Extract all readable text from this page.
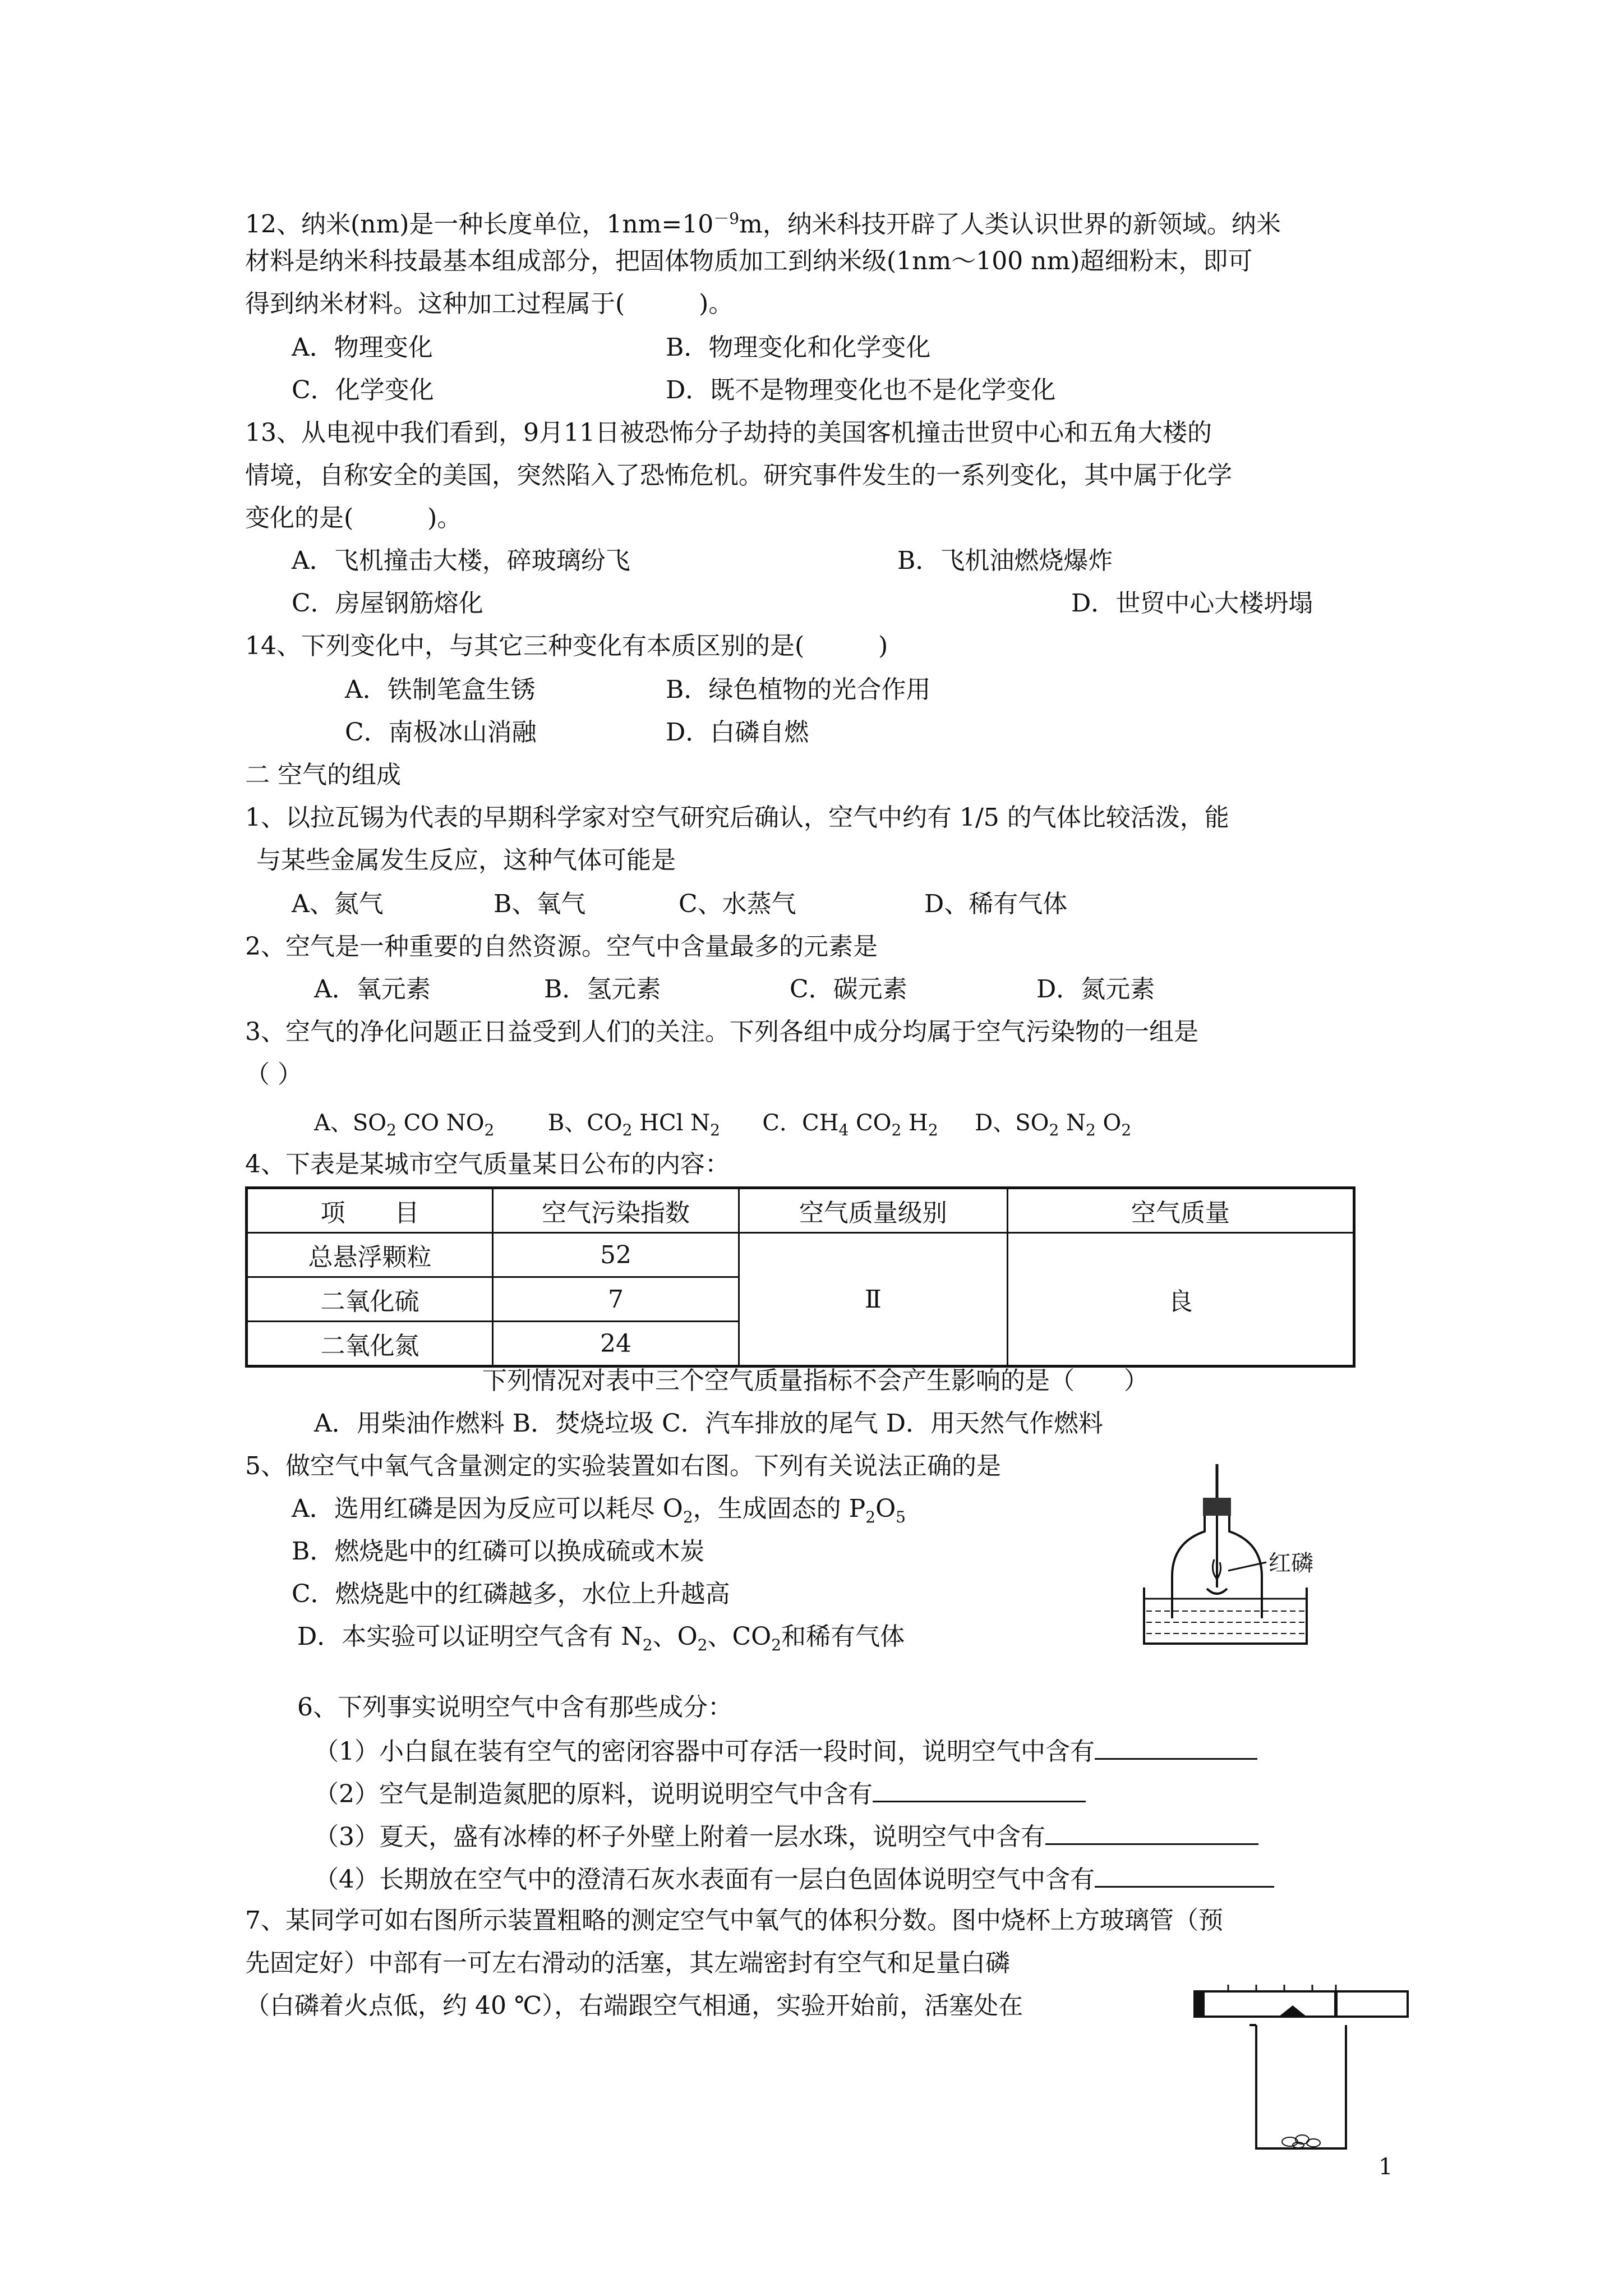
12、纳米(nm)是一种长度单位，$1nm=10^{-9}m$，纳米科技开辟了人类认识世界的新领域。纳米
材料是纳米科技最基本组成部分，把固体物质加工到纳米级(1nm～100 nm)超细粉末，即可
得到纳米材料。这种加工过程属于(　　　)。
A．物理变化	B．物理变化和化学变化
C．化学变化	D．既不是物理变化也不是化学变化
13、从电视中我们看到，9月11日被恐怖分子劫持的美国客机撞击世贸中心和五角大楼的
情境，自称安全的美国，突然陷入了恐怖危机。研究事件发生的一系列变化，其中属于化学
变化的是(　　　)。
A．飞机撞击大楼，碎玻璃纷飞	B．飞机油燃烧爆炸
C．房屋钢筋熔化	D．世贸中心大楼坍塌
14、下列变化中，与其它三种变化有本质区别的是(　　　)
A．铁制笔盒生锈	B．绿色植物的光合作用
C．南极冰山消融	D．白磷自燃
二 空气的组成
1、以拉瓦锡为代表的早期科学家对空气研究后确认，空气中约有 1/5 的气体比较活泼，能
与某些金属发生反应，这种气体可能是
A、氮气	B、氧气	C、水蒸气	D、稀有气体
2、空气是一种重要的自然资源。空气中含量最多的元素是
A．氧元素	B．氢元素	C．碳元素	D．氮元素
3、空气的净化问题正日益受到人们的关注。下列各组中成分均属于空气污染物的一组是
（ ）
A、$SO_2$ CO $NO_2$ B、$CO_2$ HCl $N_2$ C．$CH_4$ $CO_2$ $H_2$ D、$SO_2$ $N_2$ $O_2$
4、下表是某城市空气质量某日公布的内容：
项　　目	空气污染指数	空气质量级别	空气质量
总悬浮颗粒	52	Ⅱ	良
二氧化硫	7		
二氧化氮	24		
下列情况对表中三个空气质量指标不会产生影响的是（　　）
A．用柴油作燃料 B．焚烧垃圾 C．汽车排放的尾气 D．用天然气作燃料
5、做空气中氧气含量测定的实验装置如右图。下列有关说法正确的是
A．选用红磷是因为反应可以耗尽 $O_2$，生成固态的 $P_2O_5$
B．燃烧匙中的红磷可以换成硫或木炭
C．燃烧匙中的红磷越多，水位上升越高
D．本实验可以证明空气含有 $N_2$、$O_2$、$CO_2$和稀有气体
红磷
6、下列事实说明空气中含有那些成分：
（1）小白鼠在装有空气的密闭容器中可存活一段时间，说明空气中含有
（2）空气是制造氮肥的原料，说明说明空气中含有
（3）夏天，盛有冰棒的杯子外壁上附着一层水珠，说明空气中含有
（4）长期放在空气中的澄清石灰水表面有一层白色固体说明空气中含有
7、某同学可如右图所示装置粗略的测定空气中氧气的体积分数。图中烧杯上方玻璃管（预
先固定好）中部有一可左右滑动的活塞，其左端密封有空气和足量白磷
（白磷着火点低，约 40 ℃），右端跟空气相通，实验开始前，活塞处在
1
